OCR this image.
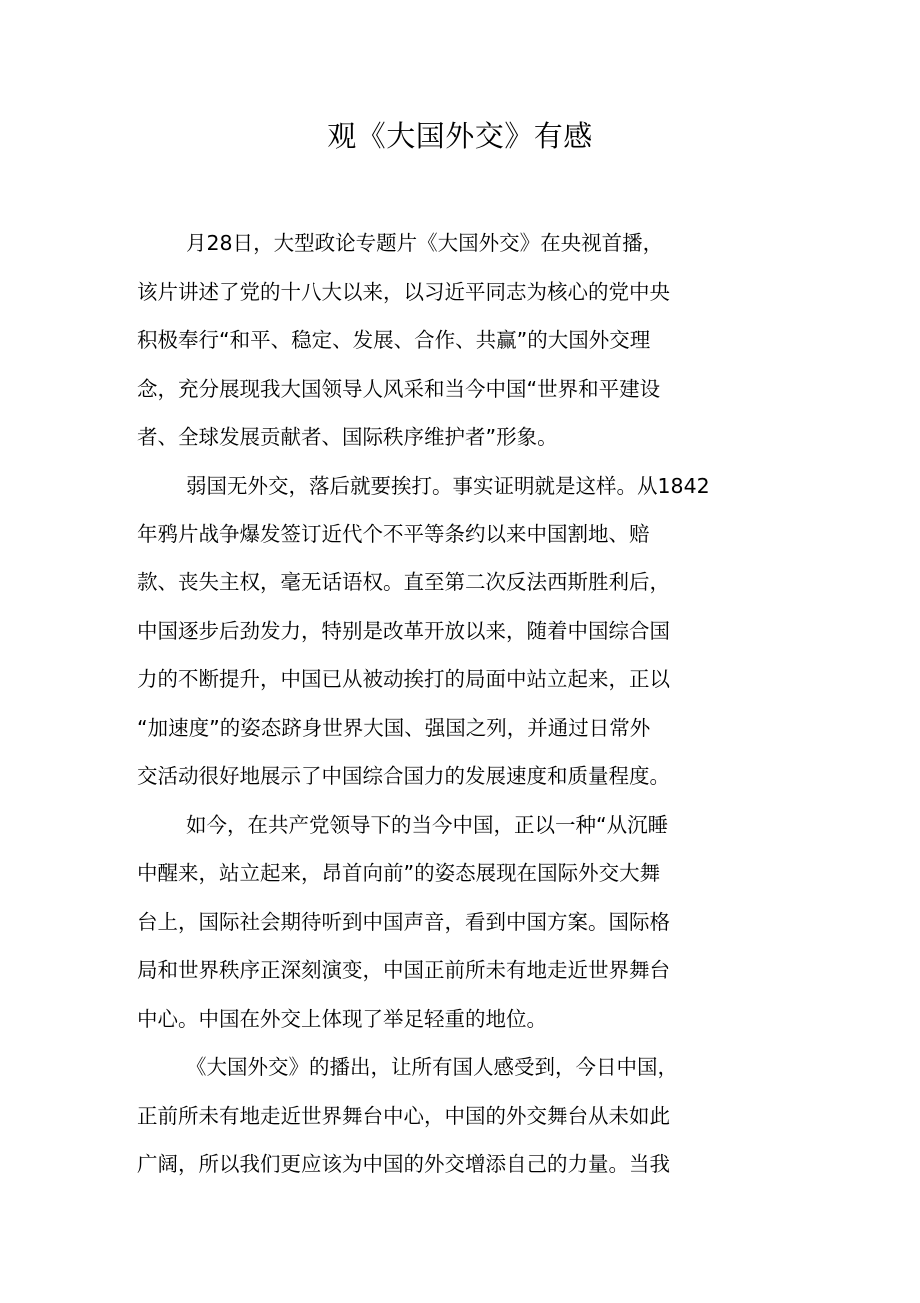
观《大国外交》有感
月28日，大型政论专题片《大国外交》在央视首播，
该片讲述了党的十八大以来，以习近平同志为核心的党中央
积极奉行“和平、稳定、发展、合作、共赢”的大国外交理
念，充分展现我大国领导人风采和当今中国“世界和平建设
者、全球发展贡献者、国际秩序维护者”形象。
弱国无外交，落后就要挨打。事实证明就是这样。从1842
年鸦片战争爆发签订近代个不平等条约以来中国割地、赔
款、丧失主权，毫无话语权。直至第二次反法西斯胜利后，
中国逐步后劲发力，特别是改革开放以来，随着中国综合国
力的不断提升，中国已从被动挨打的局面中站立起来，正以
“加速度”的姿态跻身世界大国、强国之列，并通过日常外
交活动很好地展示了中国综合国力的发展速度和质量程度。
如今，在共产党领导下的当今中国，正以一种“从沉睡
中醒来，站立起来，昂首向前”的姿态展现在国际外交大舞
台上，国际社会期待听到中国声音，看到中国方案。国际格
局和世界秩序正深刻演变，中国正前所未有地走近世界舞台
中心。中国在外交上体现了举足轻重的地位。
《大国外交》的播出，让所有国人感受到，今日中国，
正前所未有地走近世界舞台中心，中国的外交舞台从未如此
广阔，所以我们更应该为中国的外交增添自己的力量。当我
